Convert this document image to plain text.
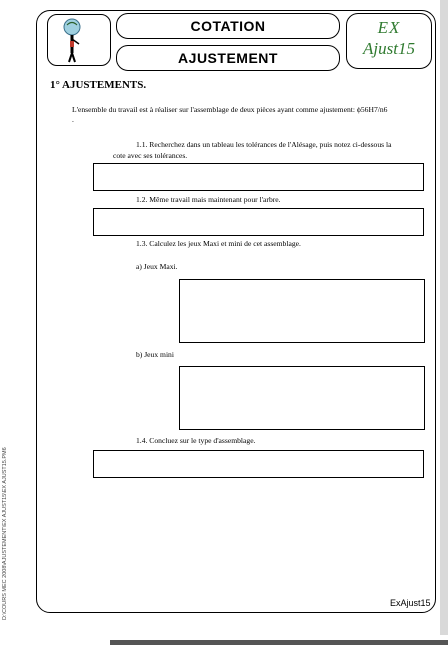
COTATION
AJUSTEMENT
EX
Ajust15
1° AJUSTEMENTS.
L'ensemble du travail est à réaliser sur l'assemblage de deux pièces ayant comme ajustement: ϕ56H7/n6
.
1.1. Recherchez dans un tableau les tolérances de l'Alésage, puis notez ci-dessous la
cote avec ses tolérances.
1.2. Même travail mais maintenant pour l'arbre.
1.3. Calculez les jeux Maxi et mini de cet assemblage.
a) Jeux Maxi.
b) Jeux mini
1.4. Concluez sur le type d'assemblage.
ExAjust15
D:\COURS MEC 2008\AJUSTEMENT\EX AJUST15\EX AJUST15.PM6
